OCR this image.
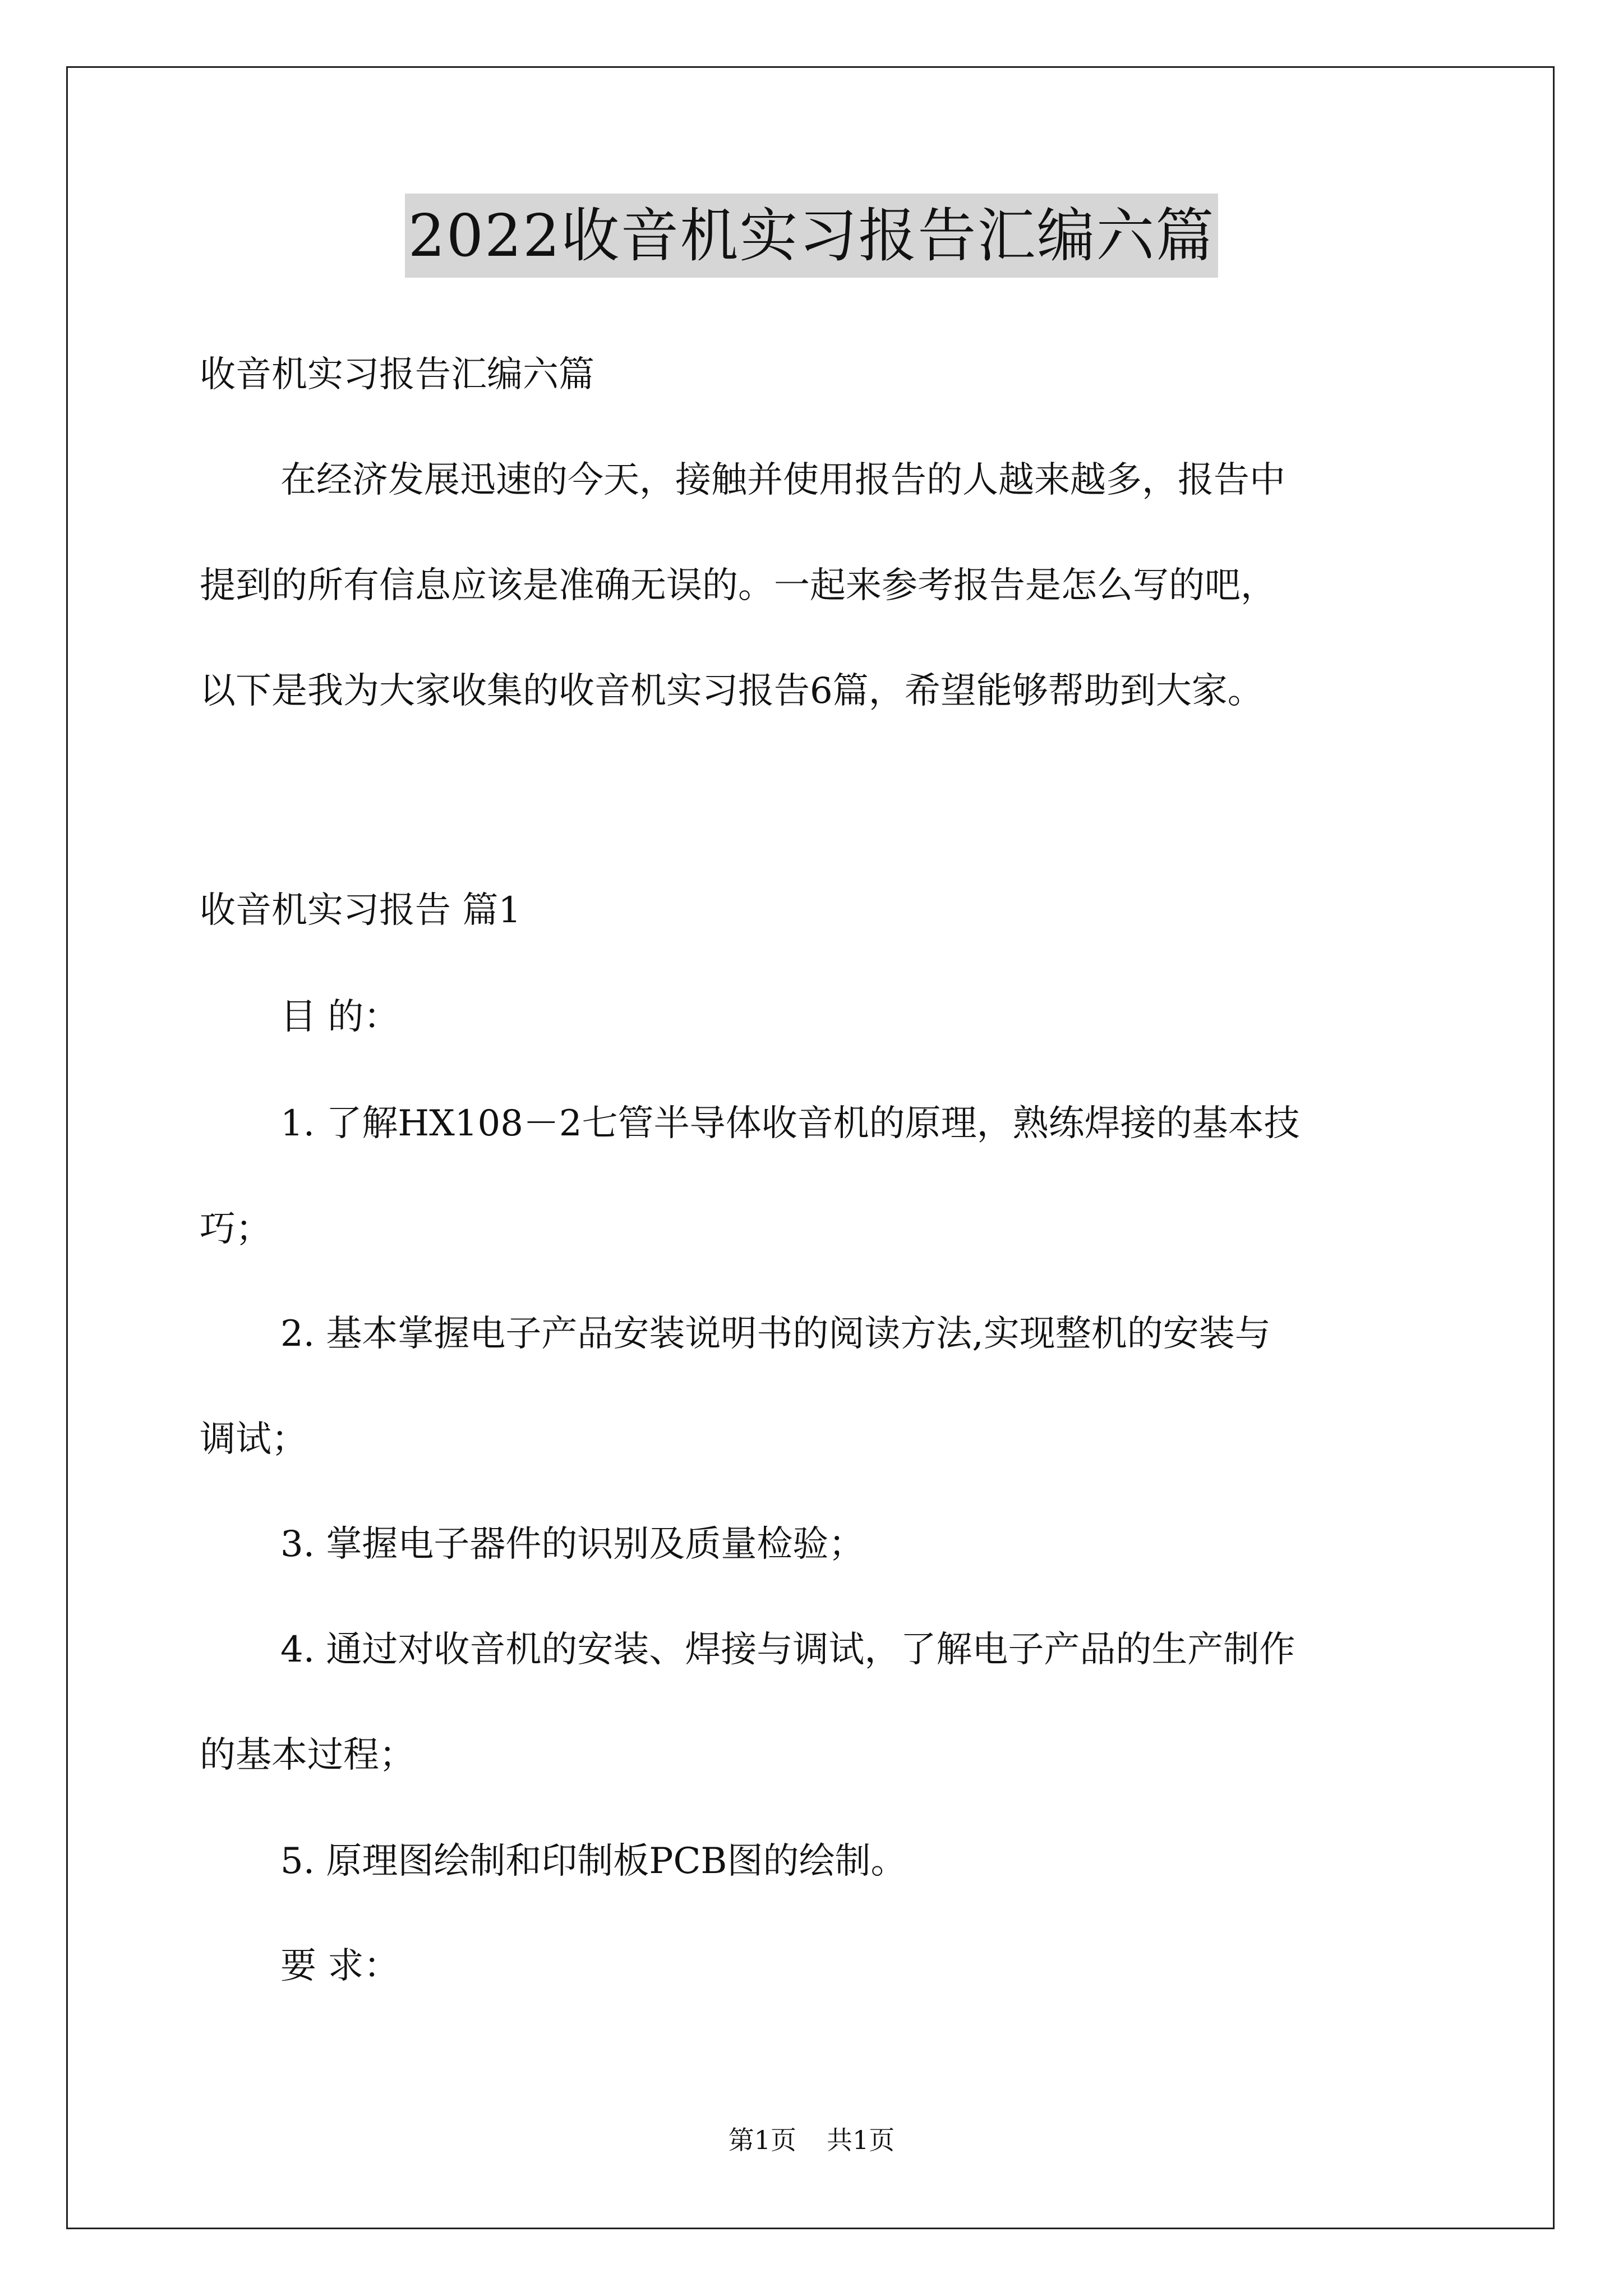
2022收音机实习报告汇编六篇

收音机实习报告汇编六篇

在经济发展迅速的今天，接触并使用报告的人越来越多，报告中
提到的所有信息应该是准确无误的。一起来参考报告是怎么写的吧，
以下是我为大家收集的收音机实习报告6篇，希望能够帮助到大家。

收音机实习报告 篇1

目 的：

1. 了解HX108－2七管半导体收音机的原理，熟练焊接的基本技
巧；
2. 基本掌握电子产品安装说明书的阅读方法,实现整机的安装与
调试；
3. 掌握电子器件的识别及质量检验；
4. 通过对收音机的安装、焊接与调试，了解电子产品的生产制作
的基本过程；
5. 原理图绘制和印制板PCB图的绘制。

要 求：

第1页 共1页
